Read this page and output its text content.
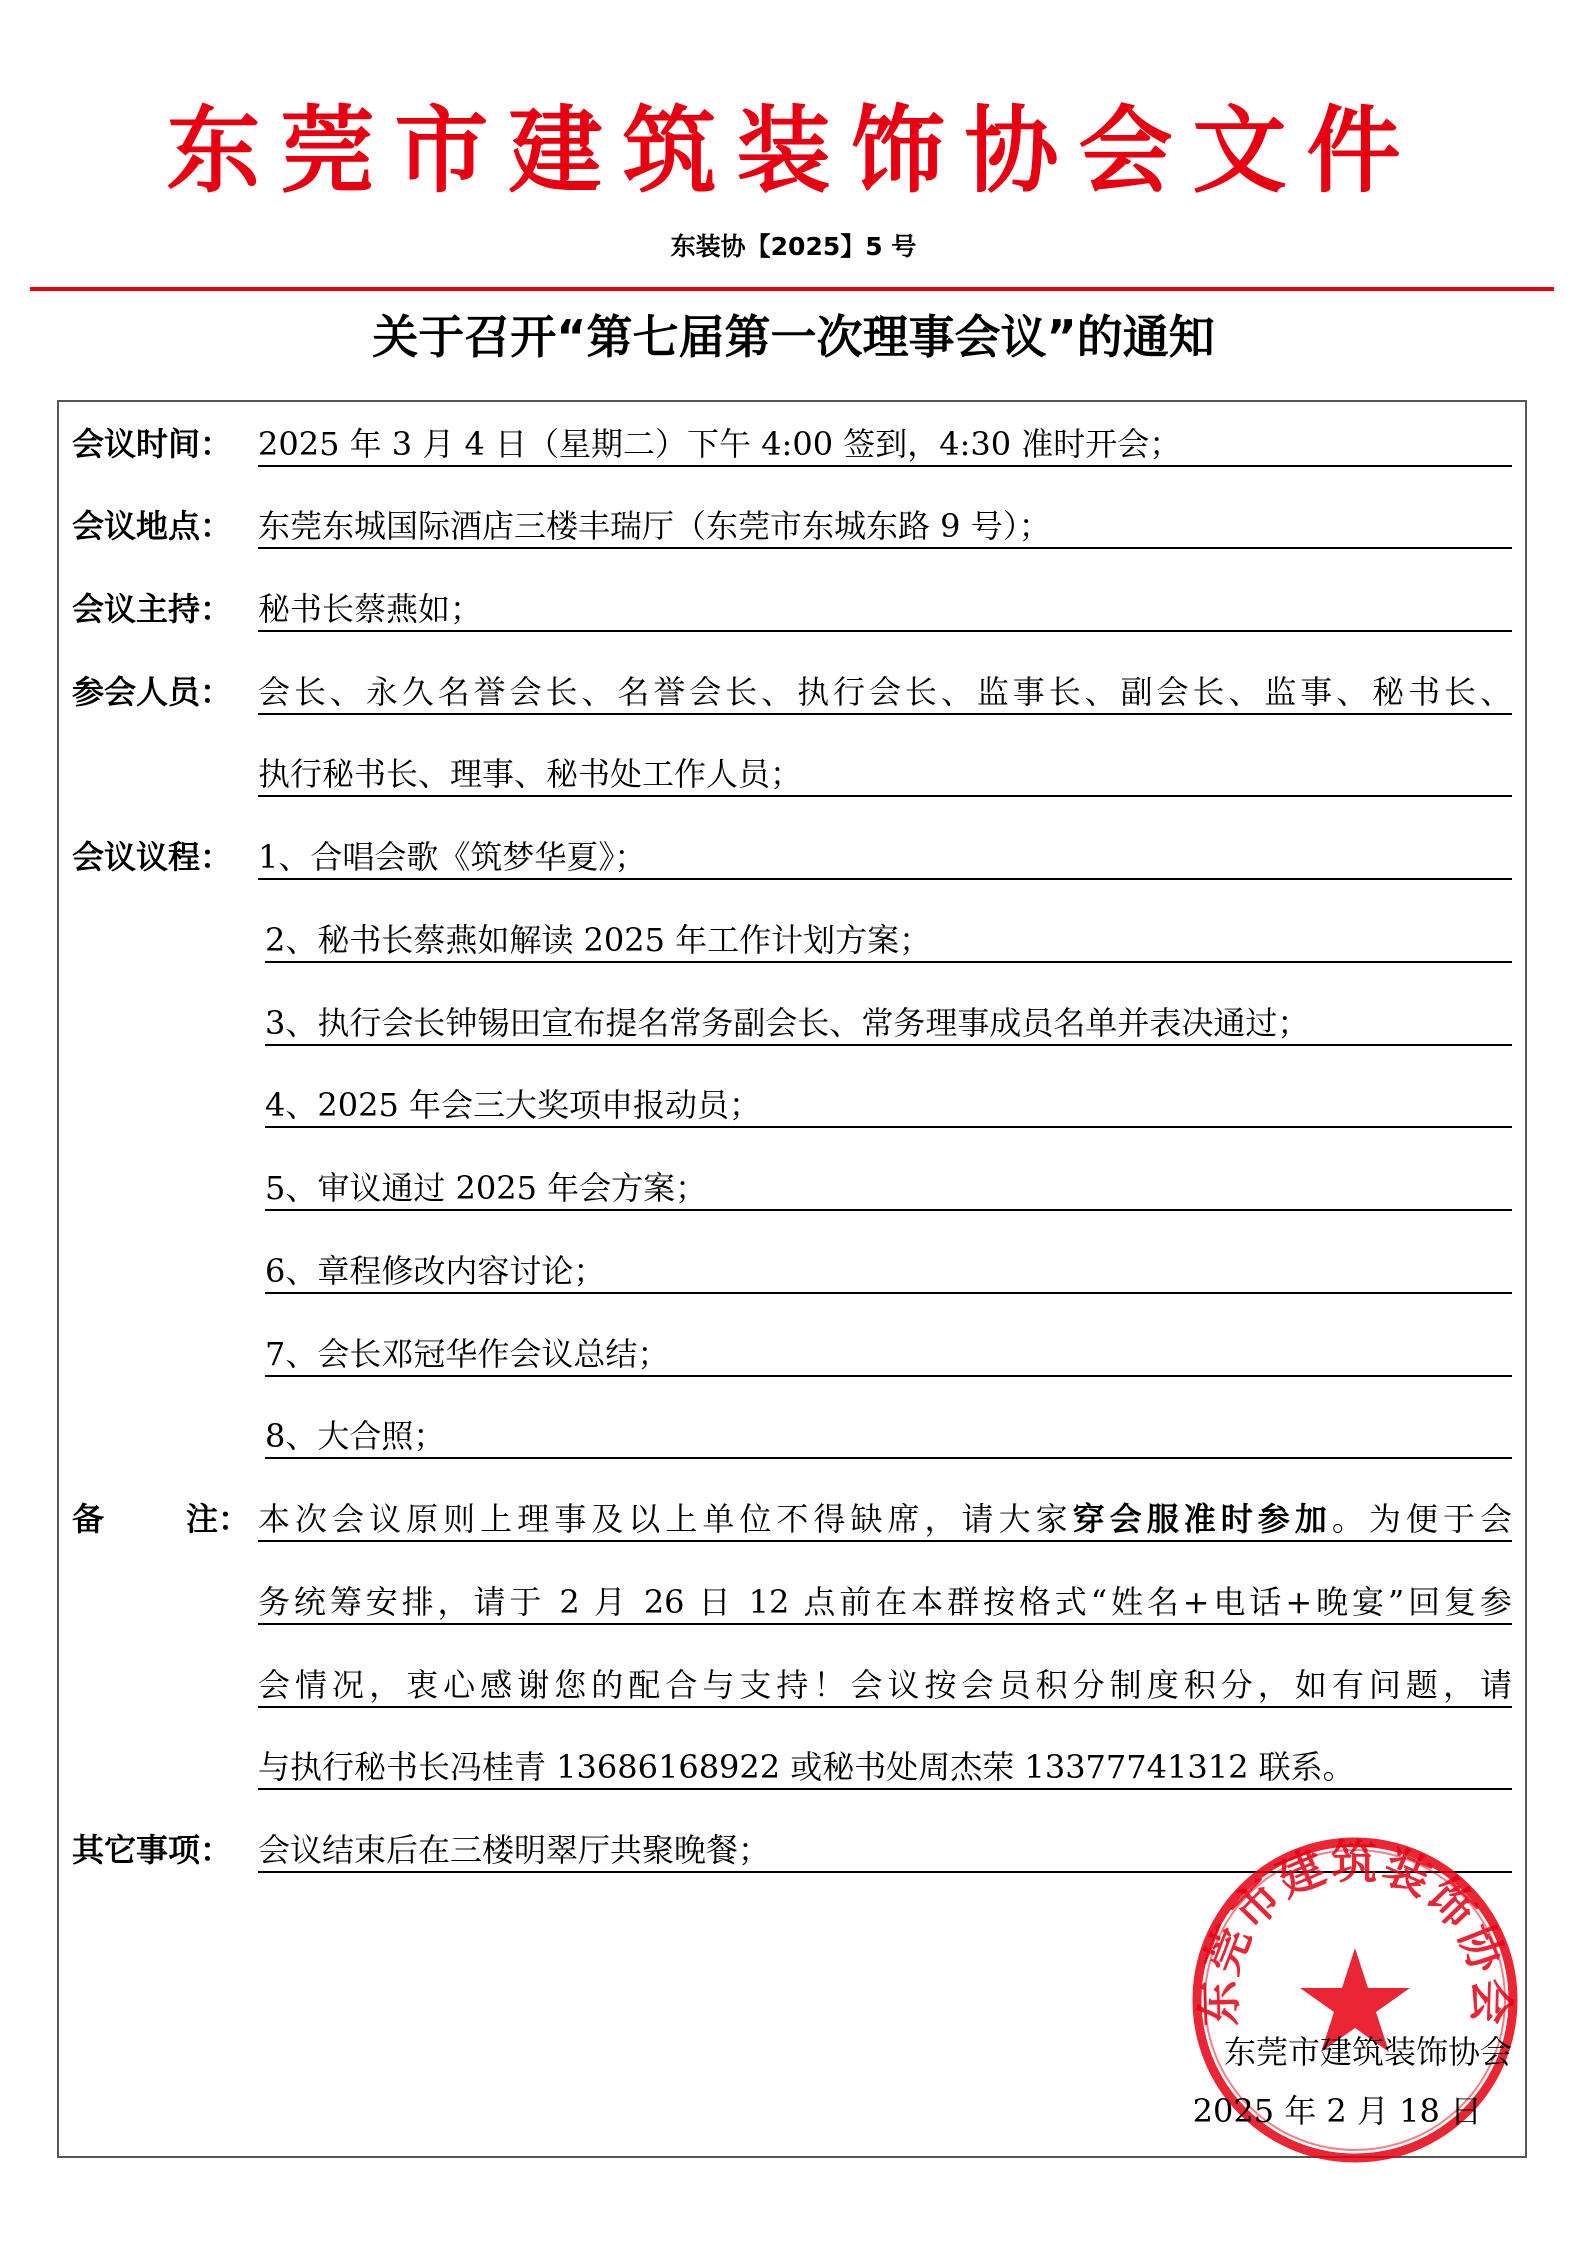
东莞市建筑装饰协会文件
东装协【2025】5 号
关于召开“第七届第一次理事会议”的通知
会议时间： 2025 年 3 月 4 日（星期二）下午 4:00 签到，4:30 准时开会；
会议地点： 东莞东城国际酒店三楼丰瑞厅（东莞市东城东路 9 号）；
会议主持： 秘书长蔡燕如；
参会人员： 会长、永久名誉会长、名誉会长、执行会长、监事长、副会长、监事、秘书长、
执行秘书长、理事、秘书处工作人员；
会议议程： 1、合唱会歌《筑梦华夏》；
2、秘书长蔡燕如解读 2025 年工作计划方案；
3、执行会长钟锡田宣布提名常务副会长、常务理事成员名单并表决通过；
4、2025 年会三大奖项申报动员；
5、审议通过 2025 年会方案；
6、章程修改内容讨论；
7、会长邓冠华作会议总结；
8、大合照；
备	注： 本次会议原则上理事及以上单位不得缺席，请大家穿会服准时参加。为便于会
务统筹安排，请于 2 月 26 日 12 点前在本群按格式“姓名+电话+晚宴”回复参
会情况，衷心感谢您的配合与支持！会议按会员积分制度积分，如有问题，请
与执行秘书长冯桂青 13686168922 或秘书处周杰荣 13377741312 联系。
其它事项： 会议结束后在三楼明翠厅共聚晚餐；
东莞市建筑装饰协会
东莞市建筑装饰协会
2025 年 2 月 18 日
